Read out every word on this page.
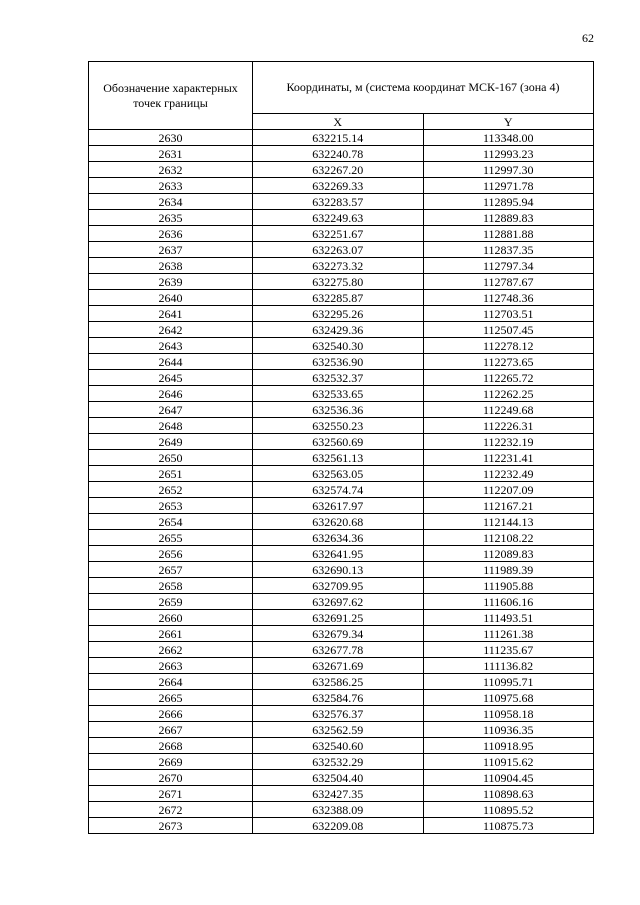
62
Обозначение характерных точек границы	Координаты, м (система координат МСК-167 (зона 4)	
	X	Y
2630	632215.14	113348.00
2631	632240.78	112993.23
2632	632267.20	112997.30
2633	632269.33	112971.78
2634	632283.57	112895.94
2635	632249.63	112889.83
2636	632251.67	112881.88
2637	632263.07	112837.35
2638	632273.32	112797.34
2639	632275.80	112787.67
2640	632285.87	112748.36
2641	632295.26	112703.51
2642	632429.36	112507.45
2643	632540.30	112278.12
2644	632536.90	112273.65
2645	632532.37	112265.72
2646	632533.65	112262.25
2647	632536.36	112249.68
2648	632550.23	112226.31
2649	632560.69	112232.19
2650	632561.13	112231.41
2651	632563.05	112232.49
2652	632574.74	112207.09
2653	632617.97	112167.21
2654	632620.68	112144.13
2655	632634.36	112108.22
2656	632641.95	112089.83
2657	632690.13	111989.39
2658	632709.95	111905.88
2659	632697.62	111606.16
2660	632691.25	111493.51
2661	632679.34	111261.38
2662	632677.78	111235.67
2663	632671.69	111136.82
2664	632586.25	110995.71
2665	632584.76	110975.68
2666	632576.37	110958.18
2667	632562.59	110936.35
2668	632540.60	110918.95
2669	632532.29	110915.62
2670	632504.40	110904.45
2671	632427.35	110898.63
2672	632388.09	110895.52
2673	632209.08	110875.73
